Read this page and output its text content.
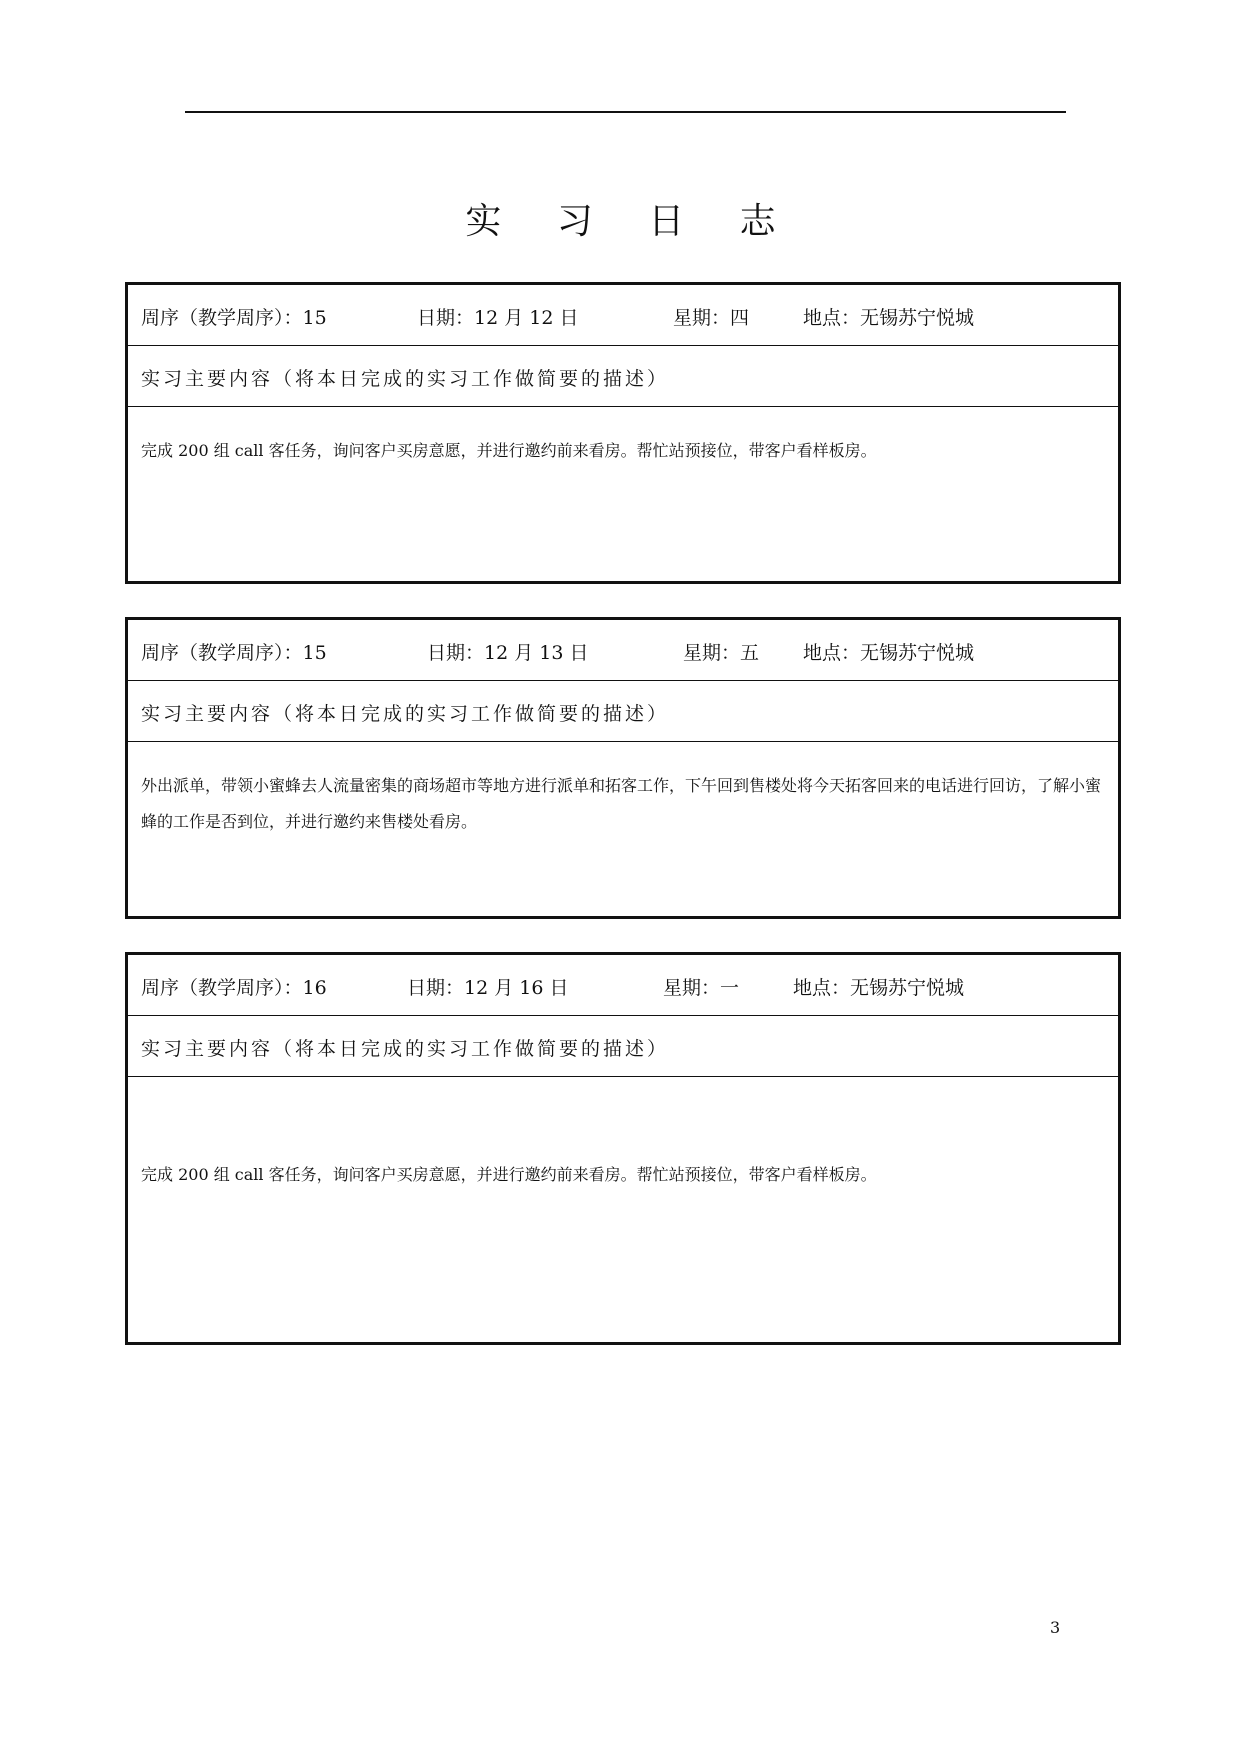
实 习 日 志
周序（教学周序）：15	日期：12 月 12 日	星期：四	地点：无锡苏宁悦城
实习主要内容（将本日完成的实习工作做简要的描述）
完成 200 组 call 客任务，询问客户买房意愿，并进行邀约前来看房。帮忙站预接位，带客户看样板房。
周序（教学周序）：15	日期：12 月 13 日	星期：五 地点：无锡苏宁悦城
实习主要内容（将本日完成的实习工作做简要的描述）
外出派单，带领小蜜蜂去人流量密集的商场超市等地方进行派单和拓客工作，下午回到售楼处将今天拓客回来的电话进行回访，了解小蜜蜂的工作是否到位，并进行邀约来售楼处看房。
周序（教学周序）：16	日期：12 月 16 日	星期：一	地点：无锡苏宁悦城
实习主要内容（将本日完成的实习工作做简要的描述）
完成 200 组 call 客任务，询问客户买房意愿，并进行邀约前来看房。帮忙站预接位，带客户看样板房。
3
